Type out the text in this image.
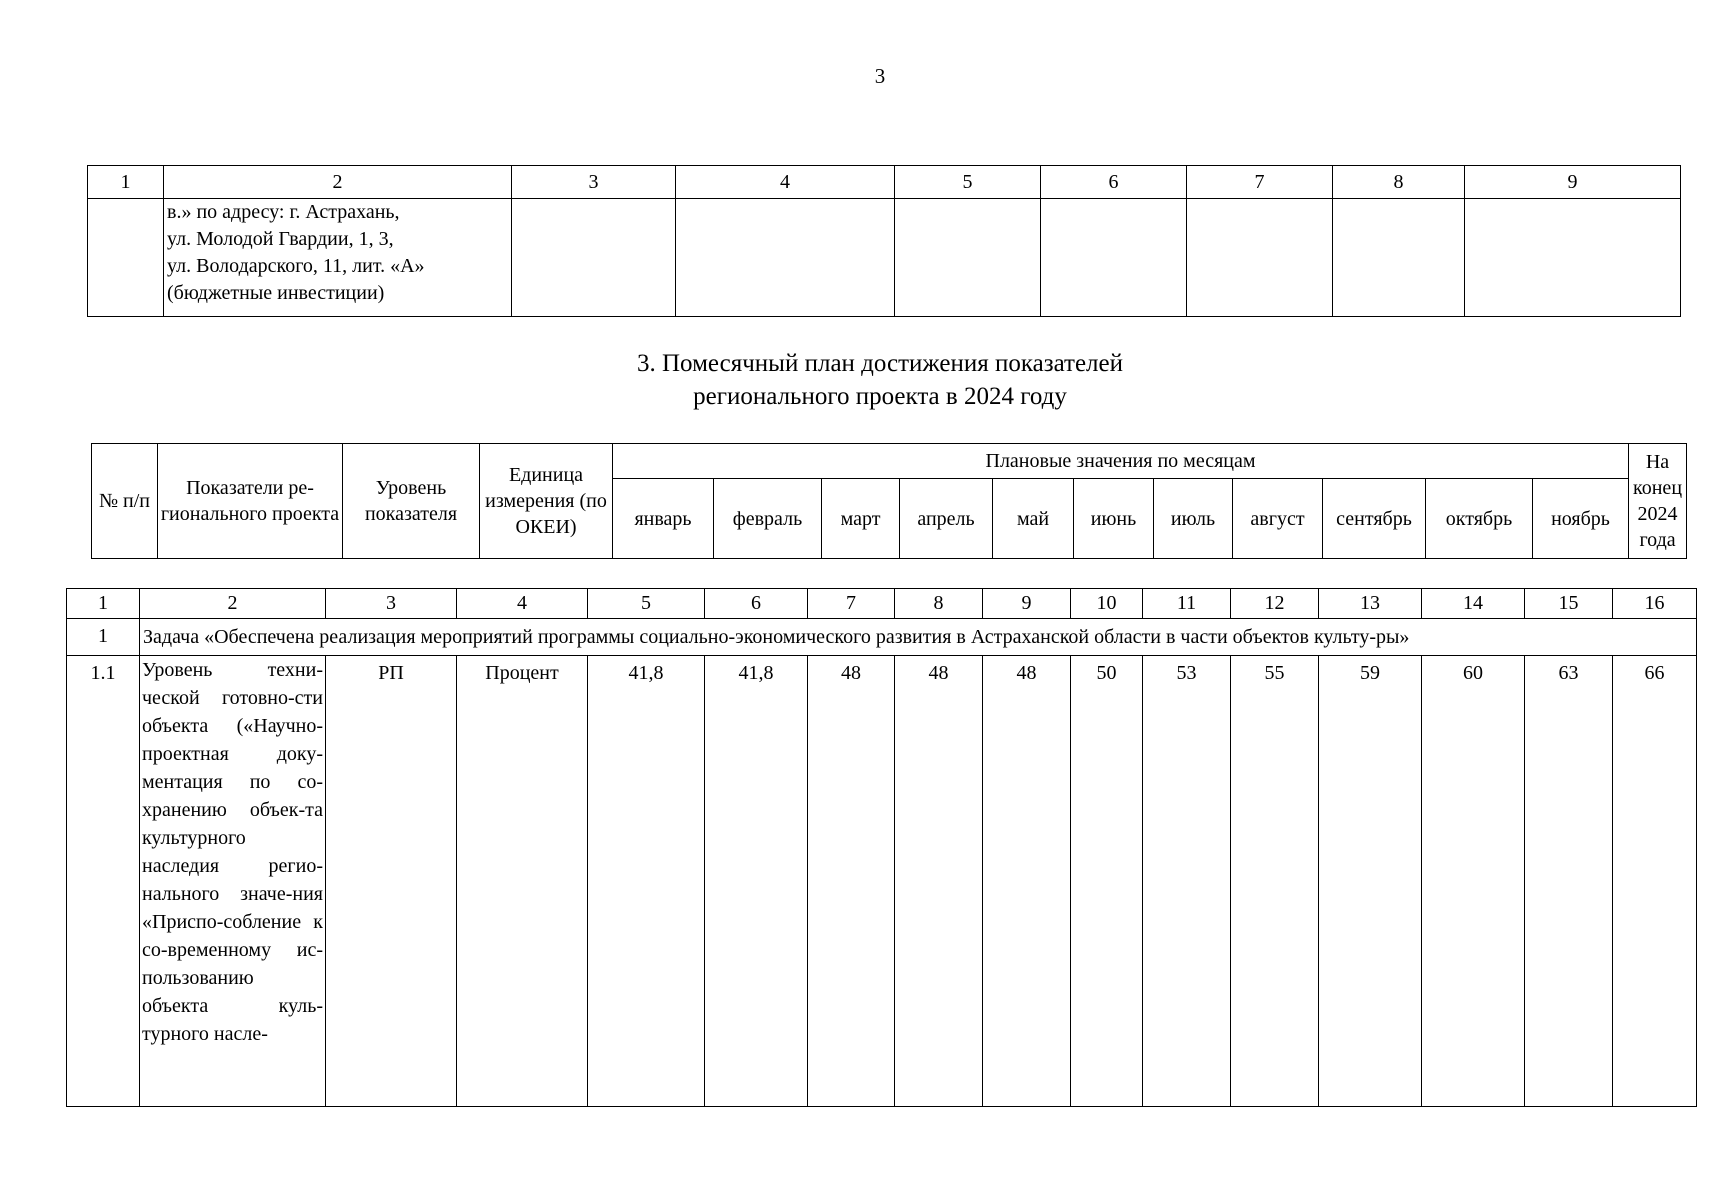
3
1	2	3	4	5	6	7	8	9

	в.» по адресу: г. Астрахань,
ул. Молодой Гвардии, 1, 3,
ул. Володарского, 11, лит. «А»
(бюджетные инвестиции)							

3. Помесячный план достижения показателей
регионального проекта в 2024 году
№ п/п	Показатели ре-гионального проекта	Уровень показателя	Единица измерения (по ОКЕИ)	Плановые значения по месяцам											На конец 2024 года
				январь	февраль	март	апрель	май	июнь	июль	август	сентябрь	октябрь	ноябрь	
1	2	3	4	5	6	7	8	9	10	11	12	13	14	15	16
1	Задача «Обеспечена реализация мероприятий программы социально-экономического развития в Астраханской области в части объектов культу-ры»														
1.1	Уровень техни-ческой готовно-сти объекта («Научно-проектная доку-ментация по со-хранению объек-та культурного наследия регио-нального значе-ния «Приспо-собление к со-временному ис-пользованию объекта куль-турного насле-	РП	Процент	41,8	41,8	48	48	48	50	53	55	59	60	63	66
